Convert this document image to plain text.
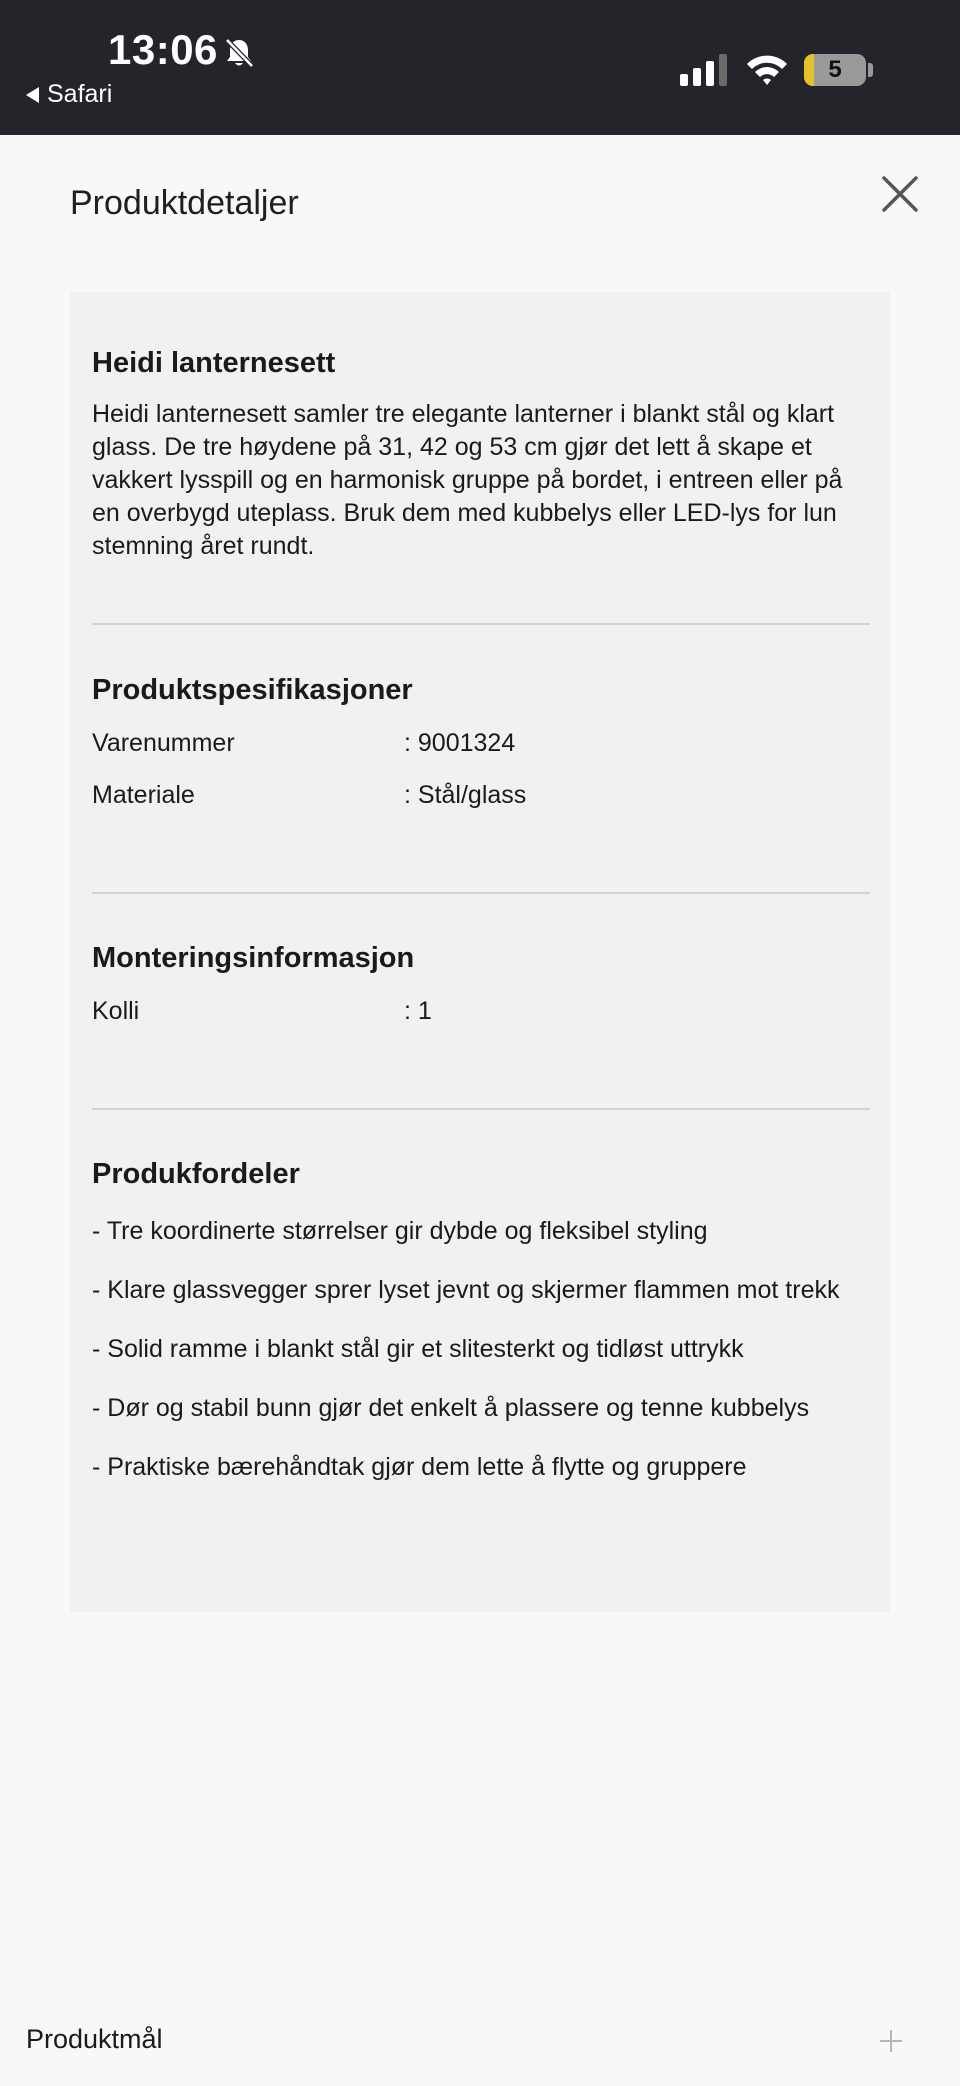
13:06
Safari
5
Produktdetaljer
Heidi lanternesett
Heidi lanternesett samler tre elegante lanterner i blankt stål og klart glass. De tre høydene på 31, 42 og 53 cm gjør det lett å skape et vakkert lysspill og en harmonisk gruppe på bordet, i entreen eller på en overbygd uteplass. Bruk dem med kubbelys eller LED-lys for lun stemning året rundt.
Produktspesifikasjoner
Varenummer	: 9001324
Materiale	: Stål/glass
Monteringsinformasjon
Kolli	: 1
Produkfordeler
- Tre koordinerte størrelser gir dybde og fleksibel styling
- Klare glassvegger sprer lyset jevnt og skjermer flammen mot trekk
- Solid ramme i blankt stål gir et slitesterkt og tidløst uttrykk
- Dør og stabil bunn gjør det enkelt å plassere og tenne kubbelys
- Praktiske bærehåndtak gjør dem lette å flytte og gruppere
Produktmål
